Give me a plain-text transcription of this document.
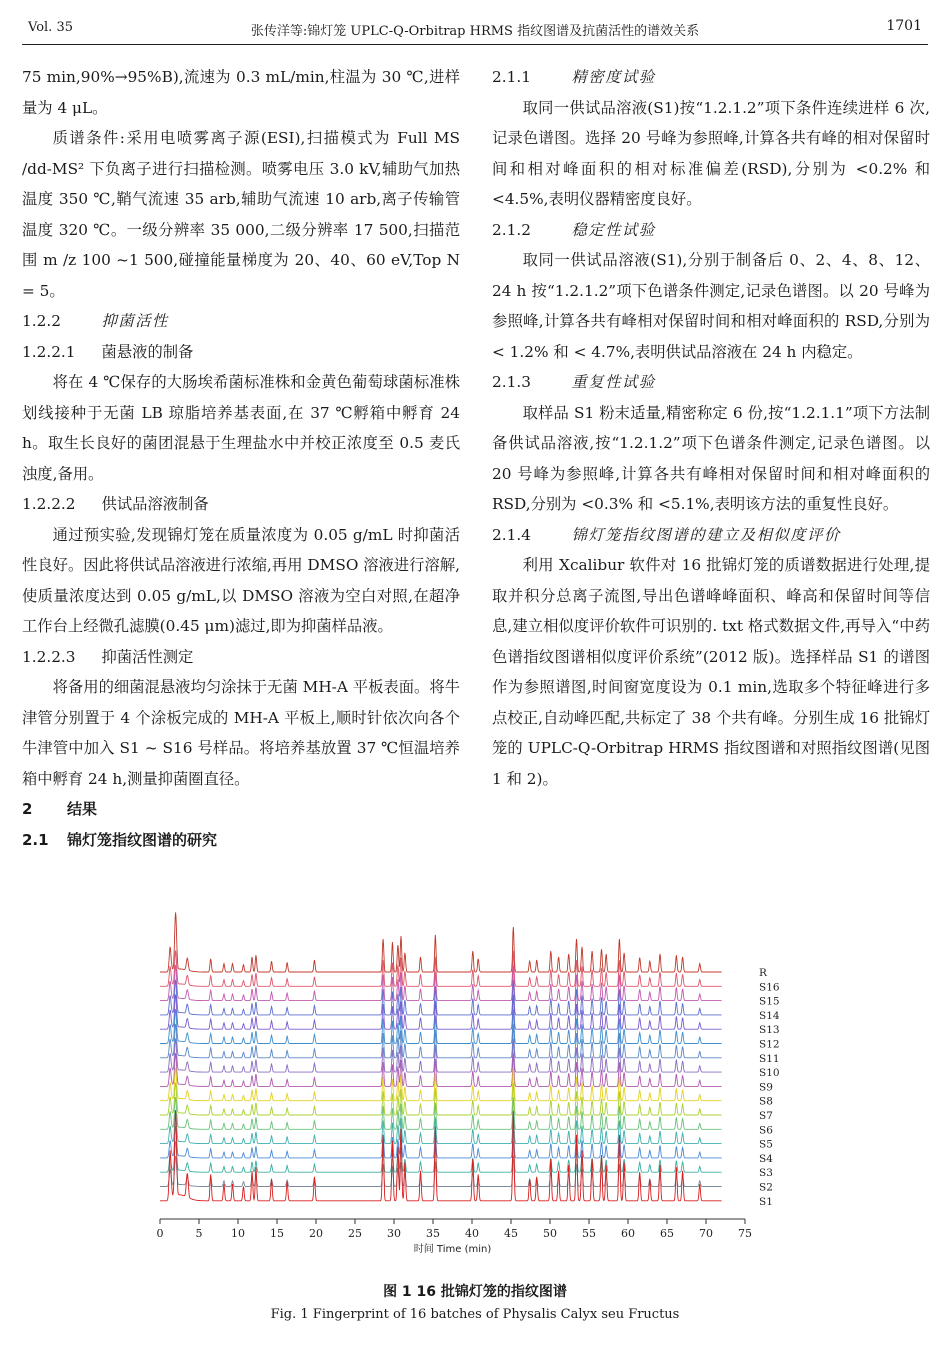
Vol. 35	张传洋等:锦灯笼 UPLC-Q-Orbitrap HRMS 指纹图谱及抗菌活性的谱效关系	1701

75 min,90%→95%B),流速为 0.3 mL/min,柱温为 30 ℃,进样量为 4 μL。

质谱条件:采用电喷雾离子源(ESI),扫描模式为 Full MS /dd-MS² 下负离子进行扫描检测。喷雾电压 3.0 kV,辅助气加热温度 350 ℃,鞘气流速 35 arb,辅助气流速 10 arb,离子传输管温度 320 ℃。一级分辨率 35 000,二级分辨率 17 500,扫描范围 m /z 100 ~1 500,碰撞能量梯度为 20、40、60 eV,Top N = 5。

1.2.2	抑菌活性
1.2.2.1 菌悬液的制备

将在 4 ℃保存的大肠埃希菌标准株和金黄色葡萄球菌标准株划线接种于无菌 LB 琼脂培养基表面,在 37 ℃孵箱中孵育 24 h。取生长良好的菌团混悬于生理盐水中并校正浓度至 0.5 麦氏浊度,备用。

1.2.2.2 供试品溶液制备

通过预实验,发现锦灯笼在质量浓度为 0.05 g/mL 时抑菌活性良好。因此将供试品溶液进行浓缩,再用 DMSO 溶液进行溶解,使质量浓度达到 0.05 g/mL,以 DMSO 溶液为空白对照,在超净工作台上经微孔滤膜(0.45 μm)滤过,即为抑菌样品液。

1.2.2.3 抑菌活性测定

将备用的细菌混悬液均匀涂抹于无菌 MH-A 平板表面。将牛津管分别置于 4 个涂板完成的 MH-A 平板上,顺时针依次向各个牛津管中加入 S1 ~ S16 号样品。将培养基放置 37 ℃恒温培养箱中孵育 24 h,测量抑菌圈直径。

2 结果
2.1 锦灯笼指纹图谱的研究
2.1.1	精密度试验

取同一供试品溶液(S1)按“1.2.1.2”项下条件连续进样 6 次,记录色谱图。选择 20 号峰为参照峰,计算各共有峰的相对保留时间和相对峰面积的相对标准偏差(RSD),分别为 <0.2% 和 <4.5%,表明仪器精密度良好。

2.1.2	稳定性试验

取同一供试品溶液(S1),分别于制备后 0、2、4、8、12、24 h 按“1.2.1.2”项下色谱条件测定,记录色谱图。以 20 号峰为参照峰,计算各共有峰相对保留时间和相对峰面积的 RSD,分别为 < 1.2% 和 < 4.7%,表明供试品溶液在 24 h 内稳定。

2.1.3	重复性试验

取样品 S1 粉末适量,精密称定 6 份,按“1.2.1.1”项下方法制备供试品溶液,按“1.2.1.2”项下色谱条件测定,记录色谱图。以 20 号峰为参照峰,计算各共有峰相对保留时间和相对峰面积的 RSD,分别为 <0.3% 和 <5.1%,表明该方法的重复性良好。

2.1.4	锦灯笼指纹图谱的建立及相似度评价

利用 Xcalibur 软件对 16 批锦灯笼的质谱数据进行处理,提取并积分总离子流图,导出色谱峰峰面积、峰高和保留时间等信息,建立相似度评价软件可识别的. txt 格式数据文件,再导入“中药色谱指纹图谱相似度评价系统”(2012 版)。选择样品 S1 的谱图作为参照谱图,时间窗宽度设为 0.1 min,选取多个特征峰进行多点校正,自动峰匹配,共标定了 38 个共有峰。分别生成 16 批锦灯笼的 UPLC-Q-Orbitrap HRMS 指纹图谱和对照指纹图谱(见图 1 和 2)。

R
S16
S15
S14
S13
S12
S11
S10
S9
S8
S7
S6
S5
S4
S3
S2
S1
0	5	10 15 20 25 30 35 40 45 50 55 60 65 70 75
时间 Time (min)
图 1 16 批锦灯笼的指纹图谱
Fig. 1 Fingerprint of 16 batches of Physalis Calyx seu Fructus
